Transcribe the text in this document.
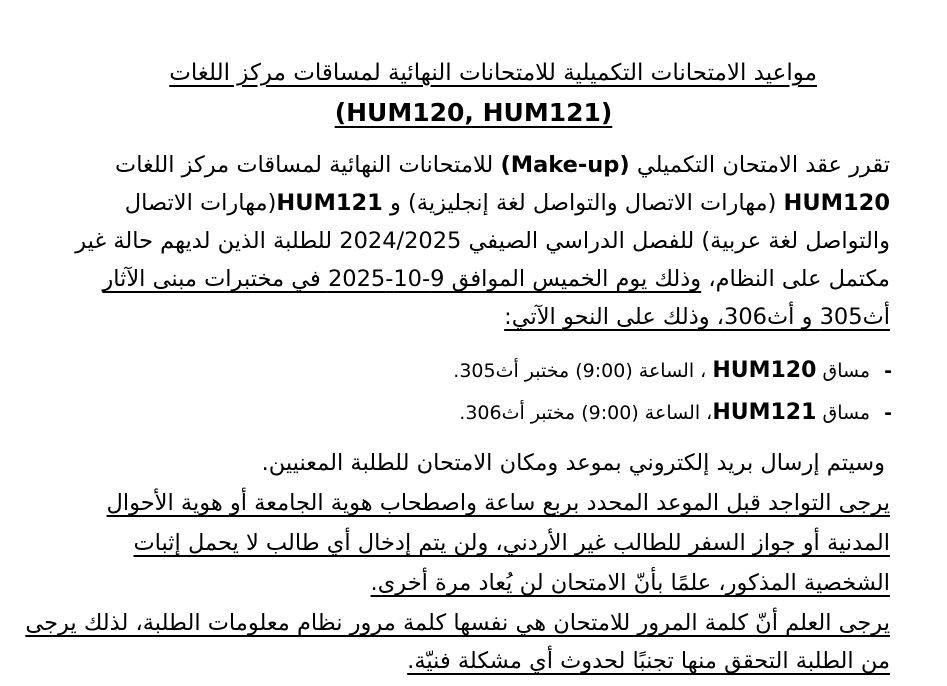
مواعيد الامتحانات التكميلية للامتحانات النهائية لمساقات مركز اللغات

(HUM120, HUM121)

تقرر عقد الامتحان التكميلي (Make-up) للامتحانات النهائية لمساقات مركز اللغات

HUM120 (مهارات الاتصال والتواصل لغة إنجليزية) و HUM121(مهارات الاتصال

والتواصل لغة عربية) للفصل الدراسي الصيفي 2024/2025 للطلبة الذين لديهم حالة غير

مكتمل على النظام، وذلك يوم الخميس الموافق 9-10-2025 في مختبرات مبنى الآثار

أث305 و أث306، وذلك على النحو الآتي:

-مساق HUM120 ، الساعة (9:00) مختبر أث305.
-مساق HUM121، الساعة (9:00) مختبر أث306.

وسيتم إرسال بريد إلكتروني بموعد ومكان الامتحان للطلبة المعنيين.

يرجى التواجد قبل الموعد المحدد بربع ساعة واصطحاب هوية الجامعة أو هوية الأحوال

المدنية أو جواز السفر للطالب غير الأردني، ولن يتم إدخال أي طالب لا يحمل إثبات

الشخصية المذكور، علمًا بأنّ الامتحان لن يُعاد مرة أخرى.

يرجى العلم أنّ كلمة المرور للامتحان هي نفسها كلمة مرور نظام معلومات الطلبة، لذلك يرجى

من الطلبة التحقق منها تجنبًا لحدوث أي مشكلة فنيّة.
